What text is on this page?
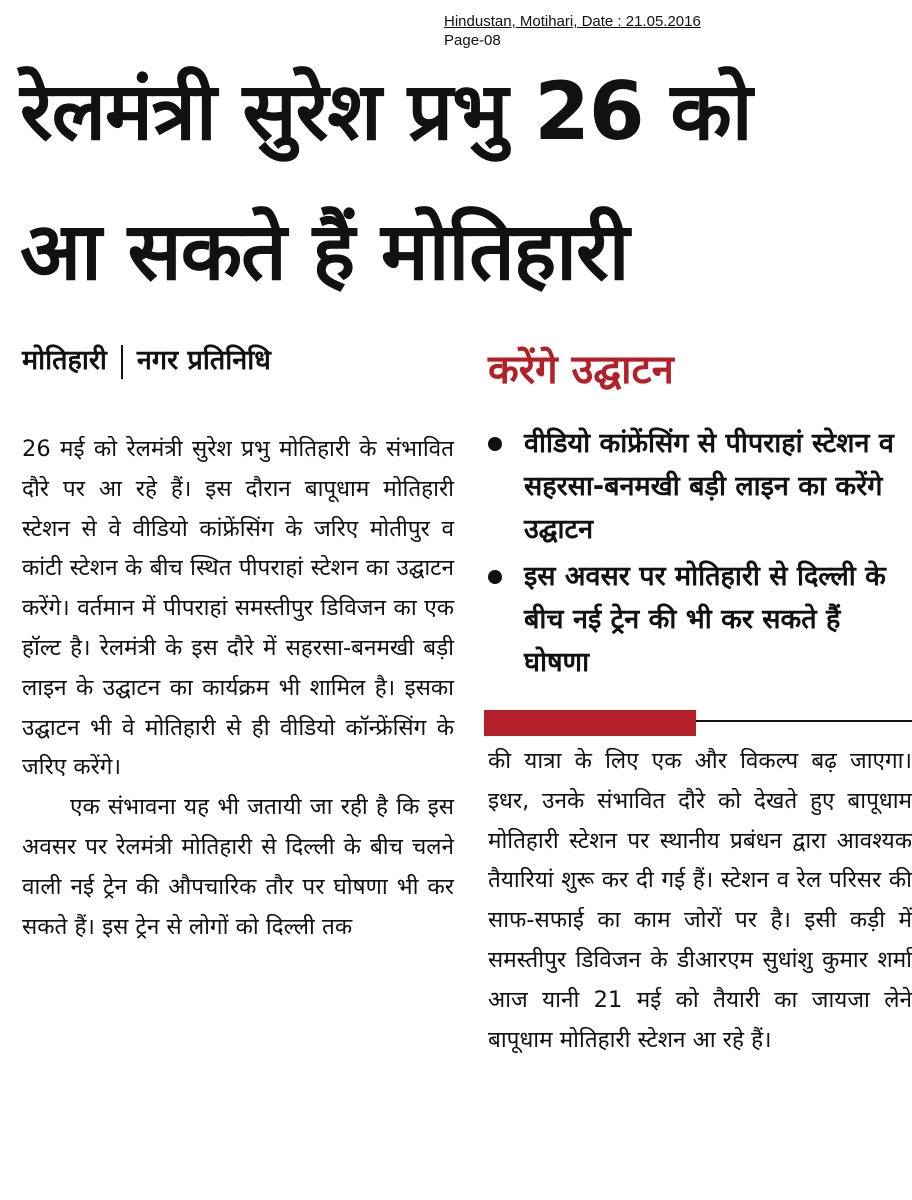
Hindustan, Motihari, Date : 21.05.2016
Page-08
रेलमंत्री सुरेश प्रभु 26 को
आ सकते हैं मोतिहारी
मोतिहारी नगर प्रतिनिधि

26 मई को रेलमंत्री सुरेश प्रभु मोतिहारी के संभावित दौरे पर आ रहे हैं। इस दौरान बापूधाम मोतिहारी स्टेशन से वे वीडियो कांफ्रेंसिंग के जरिए मोतीपुर व कांटी स्टेशन के बीच स्थित पीपराहां स्टेशन का उद्घाटन करेंगे। वर्तमान में पीपराहां समस्तीपुर डिविजन का एक हॉल्ट है। रेलमंत्री के इस दौरे में सहरसा-बनमखी बड़ी लाइन के उद्घाटन का कार्यक्रम भी शामिल है। इसका उद्घाटन भी वे मोतिहारी से ही वीडियो कॉन्फ्रेंसिंग के जरिए करेंगे।

एक संभावना यह भी जतायी जा रही है कि इस अवसर पर रेलमंत्री मोतिहारी से दिल्ली के बीच चलने वाली नई ट्रेन की औपचारिक तौर पर घोषणा भी कर सकते हैं। इस ट्रेन से लोगों को दिल्ली तक

करेंगे उद्घाटन
वीडियो कांफ्रेंसिंग से पीपराहां स्टेशन व सहरसा-बनमखी बड़ी लाइन का करेंगे उद्घाटन
इस अवसर पर मोतिहारी से दिल्ली के बीच नई ट्रेन की भी कर सकते हैं घोषणा

की यात्रा के लिए एक और विकल्प बढ़ जाएगा। इधर, उनके संभावित दौरे को देखते हुए बापूधाम मोतिहारी स्टेशन पर स्थानीय प्रबंधन द्वारा आवश्यक तैयारियां शुरू कर दी गई हैं। स्टेशन व रेल परिसर की साफ-सफाई का काम जोरों पर है। इसी कड़ी में समस्तीपुर डिविजन के डीआरएम सुधांशु कुमार शर्मा आज यानी 21 मई को तैयारी का जायजा लेने बापूधाम मोतिहारी स्टेशन आ रहे हैं।
